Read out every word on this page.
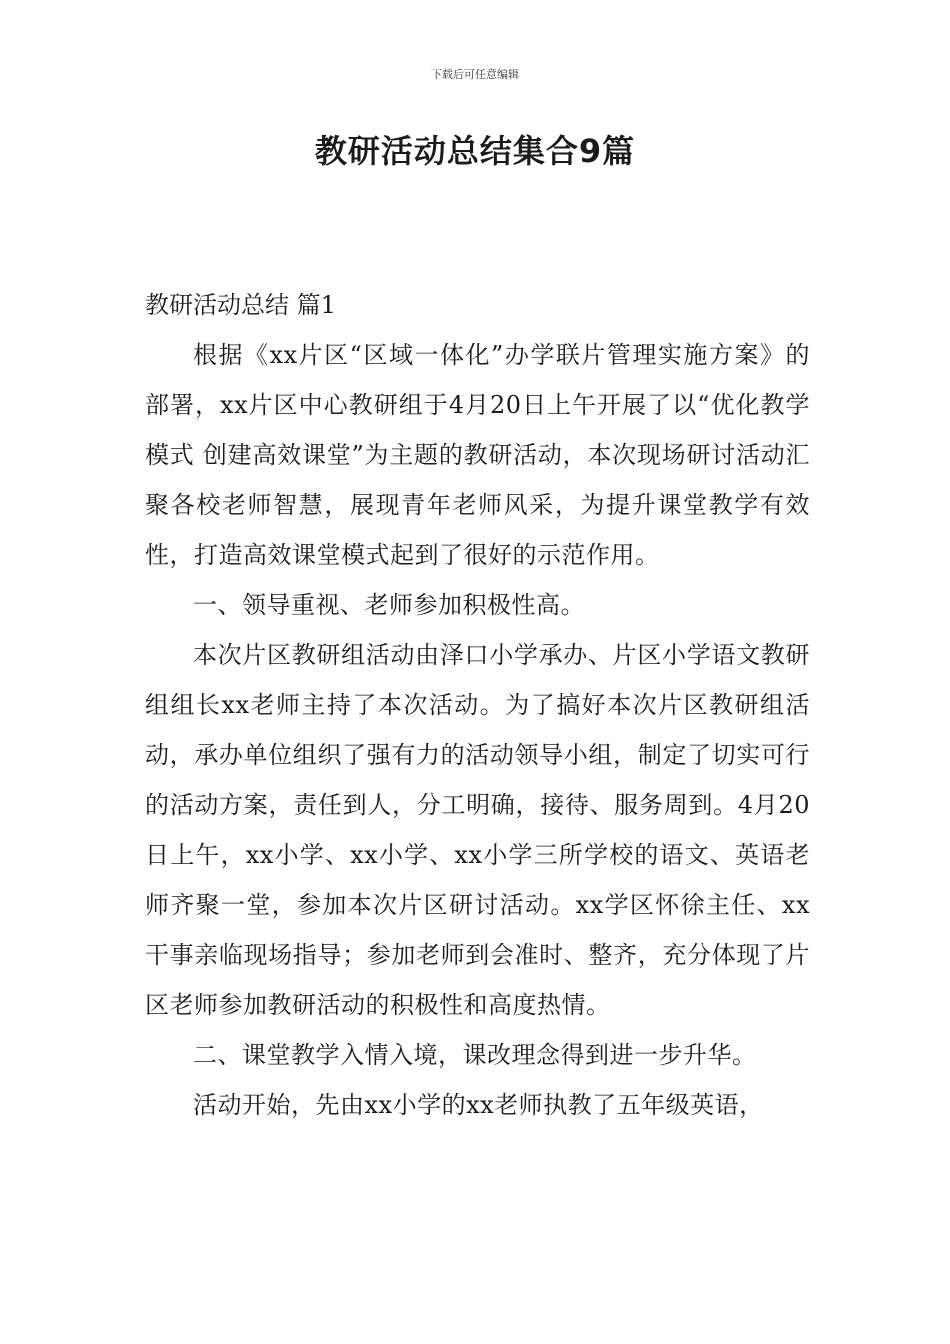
下载后可任意编辑
教研活动总结集合9篇

教研活动总结 篇1

根据《xx片区“区域一体化”办学联片管理实施方案》的部署，xx片区中心教研组于4月20日上午开展了以“优化教学模式 创建高效课堂”为主题的教研活动，本次现场研讨活动汇聚各校老师智慧，展现青年老师风采，为提升课堂教学有效性，打造高效课堂模式起到了很好的示范作用。

一、领导重视、老师参加积极性高。

本次片区教研组活动由泽口小学承办、片区小学语文教研组组长xx老师主持了本次活动。为了搞好本次片区教研组活动，承办单位组织了强有力的活动领导小组，制定了切实可行的活动方案，责任到人，分工明确，接待、服务周到。4月20日上午，xx小学、xx小学、xx小学三所学校的语文、英语老师齐聚一堂，参加本次片区研讨活动。xx学区怀徐主任、xx干事亲临现场指导；参加老师到会准时、整齐，充分体现了片区老师参加教研活动的积极性和高度热情。

二、课堂教学入情入境，课改理念得到进一步升华。

活动开始，先由xx小学的xx老师执教了五年级英语，
